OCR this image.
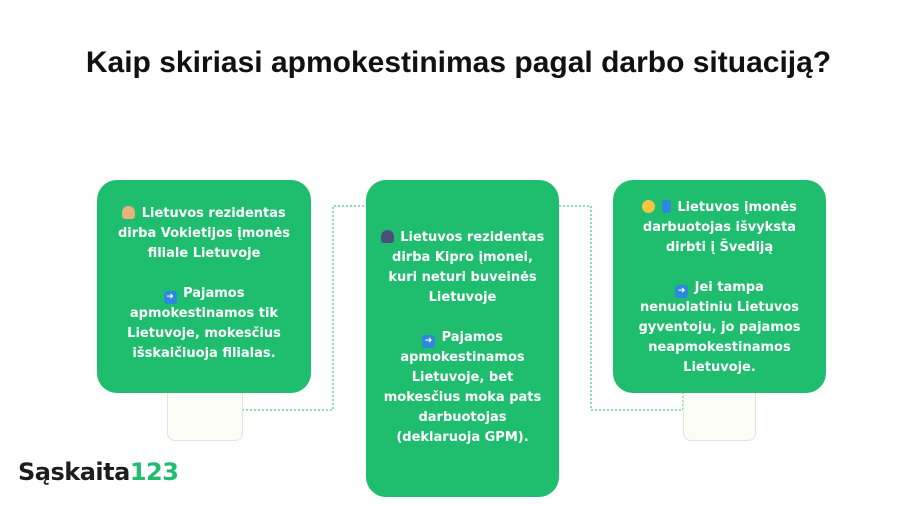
Kaip skiriasi apmokestinimas pagal darbo situaciją?

Lietuvos rezidentas dirba Vokietijos įmonės filiale Lietuvoje

➜ Pajamos apmokestinamos tik Lietuvoje, mokesčius išskaičiuoja filialas.

Lietuvos rezidentas dirba Kipro įmonei, kuri neturi buveinės Lietuvoje

➜ Pajamos apmokestinamos Lietuvoje, bet mokesčius moka pats darbuotojas (deklaruoja GPM).

Lietuvos įmonės darbuotojas išvyksta dirbti į Švediją

➜ Jei tampa nenuolatiniu Lietuvos gyventoju, jo pajamos neapmokestinamos Lietuvoje.

Sąskaita123
